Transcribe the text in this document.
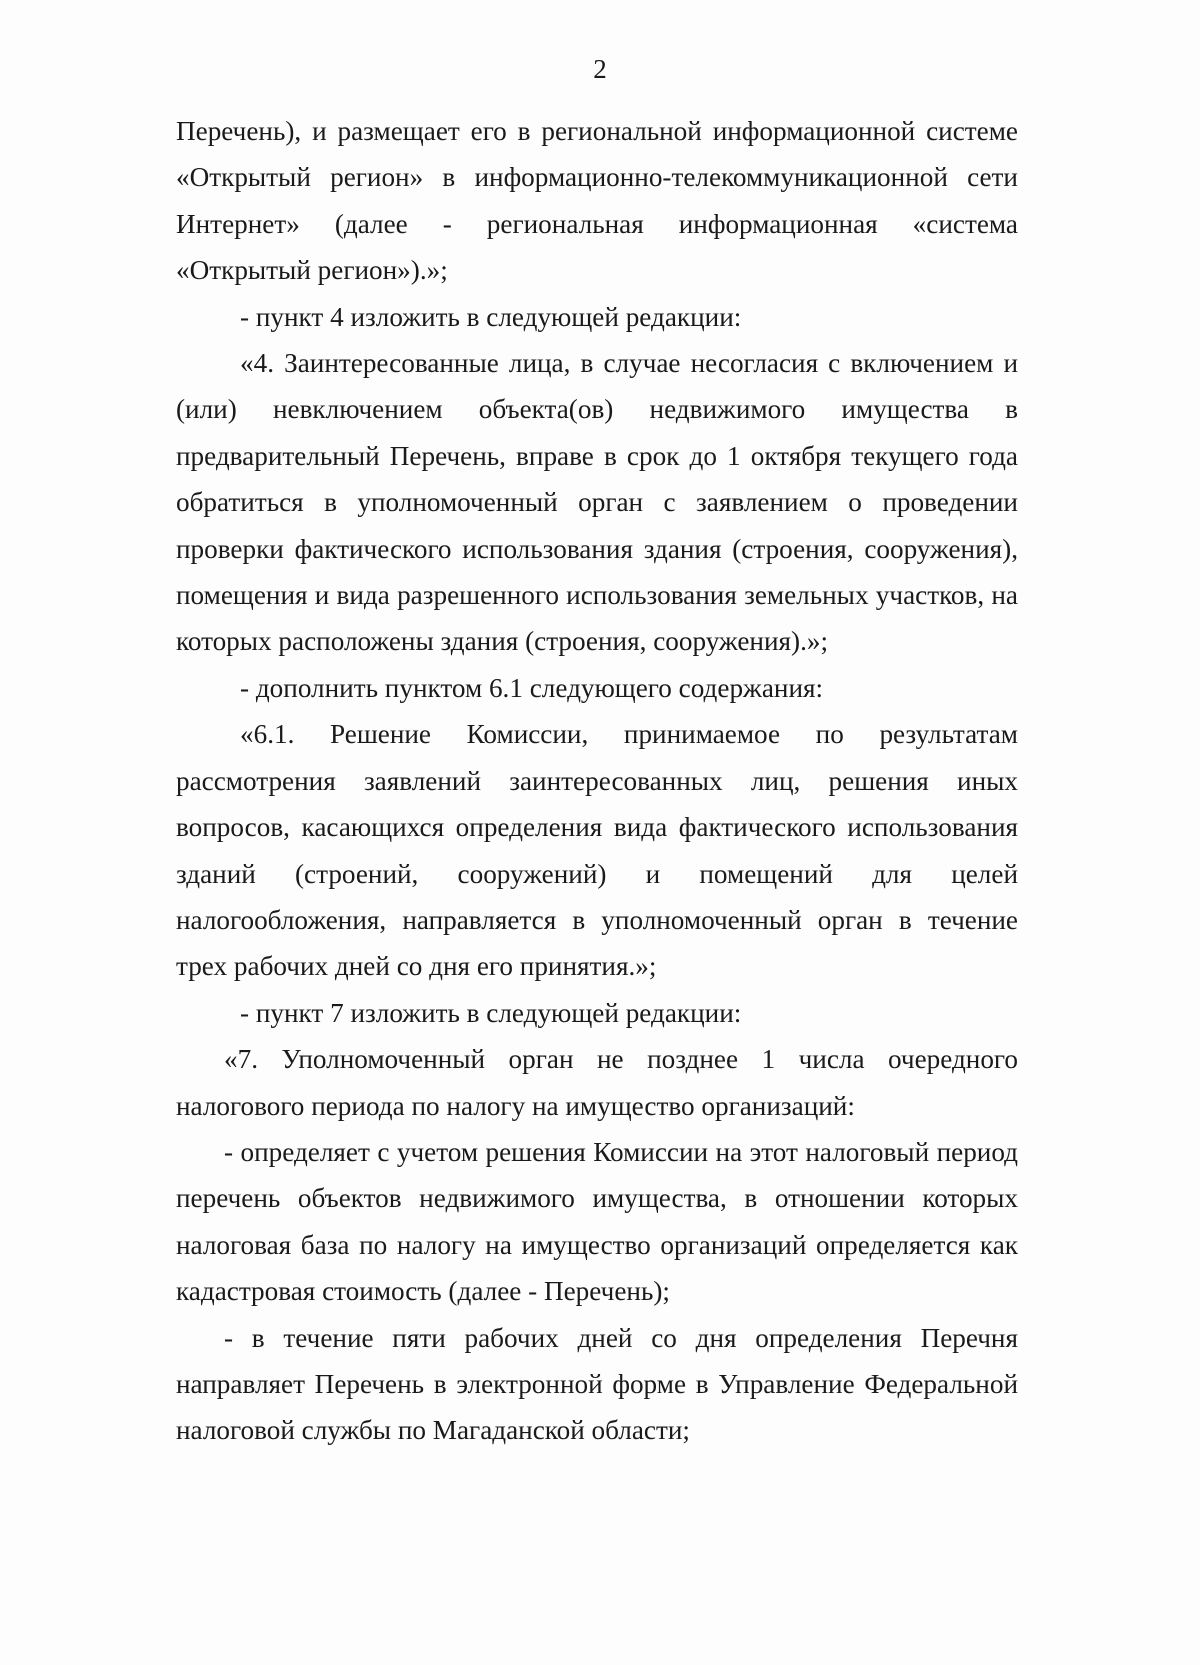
2

Перечень), и размещает его в региональной информационной системе «Открытый регион» в информационно-телекоммуникационной сети Интернет» (далее - региональная информационная «система «Открытый регион»).»;

- пункт 4 изложить в следующей редакции:

«4. Заинтересованные лица, в случае несогласия с включением и (или) невключением объекта(ов) недвижимого имущества в предварительный Перечень, вправе в срок до 1 октября текущего года обратиться в уполномоченный орган с заявлением о проведении проверки фактического использования здания (строения, сооружения), помещения и вида разрешенного использования земельных участков, на которых расположены здания (строения, сооружения).»;

- дополнить пунктом 6.1 следующего содержания:

«6.1. Решение Комиссии, принимаемое по результатам рассмотрения заявлений заинтересованных лиц, решения иных вопросов, касающихся определения вида фактического использования зданий (строений, сооружений) и помещений для целей налогообложения, направляется в уполномоченный орган в течение трех рабочих дней со дня его принятия.»;

- пункт 7 изложить в следующей редакции:

«7. Уполномоченный орган не позднее 1 числа очередного налогового периода по налогу на имущество организаций:

- определяет с учетом решения Комиссии на этот налоговый период перечень объектов недвижимого имущества, в отношении которых налоговая база по налогу на имущество организаций определяется как кадастровая стоимость (далее - Перечень);

- в течение пяти рабочих дней со дня определения Перечня направляет Перечень в электронной форме в Управление Федеральной налоговой службы по Магаданской области;
